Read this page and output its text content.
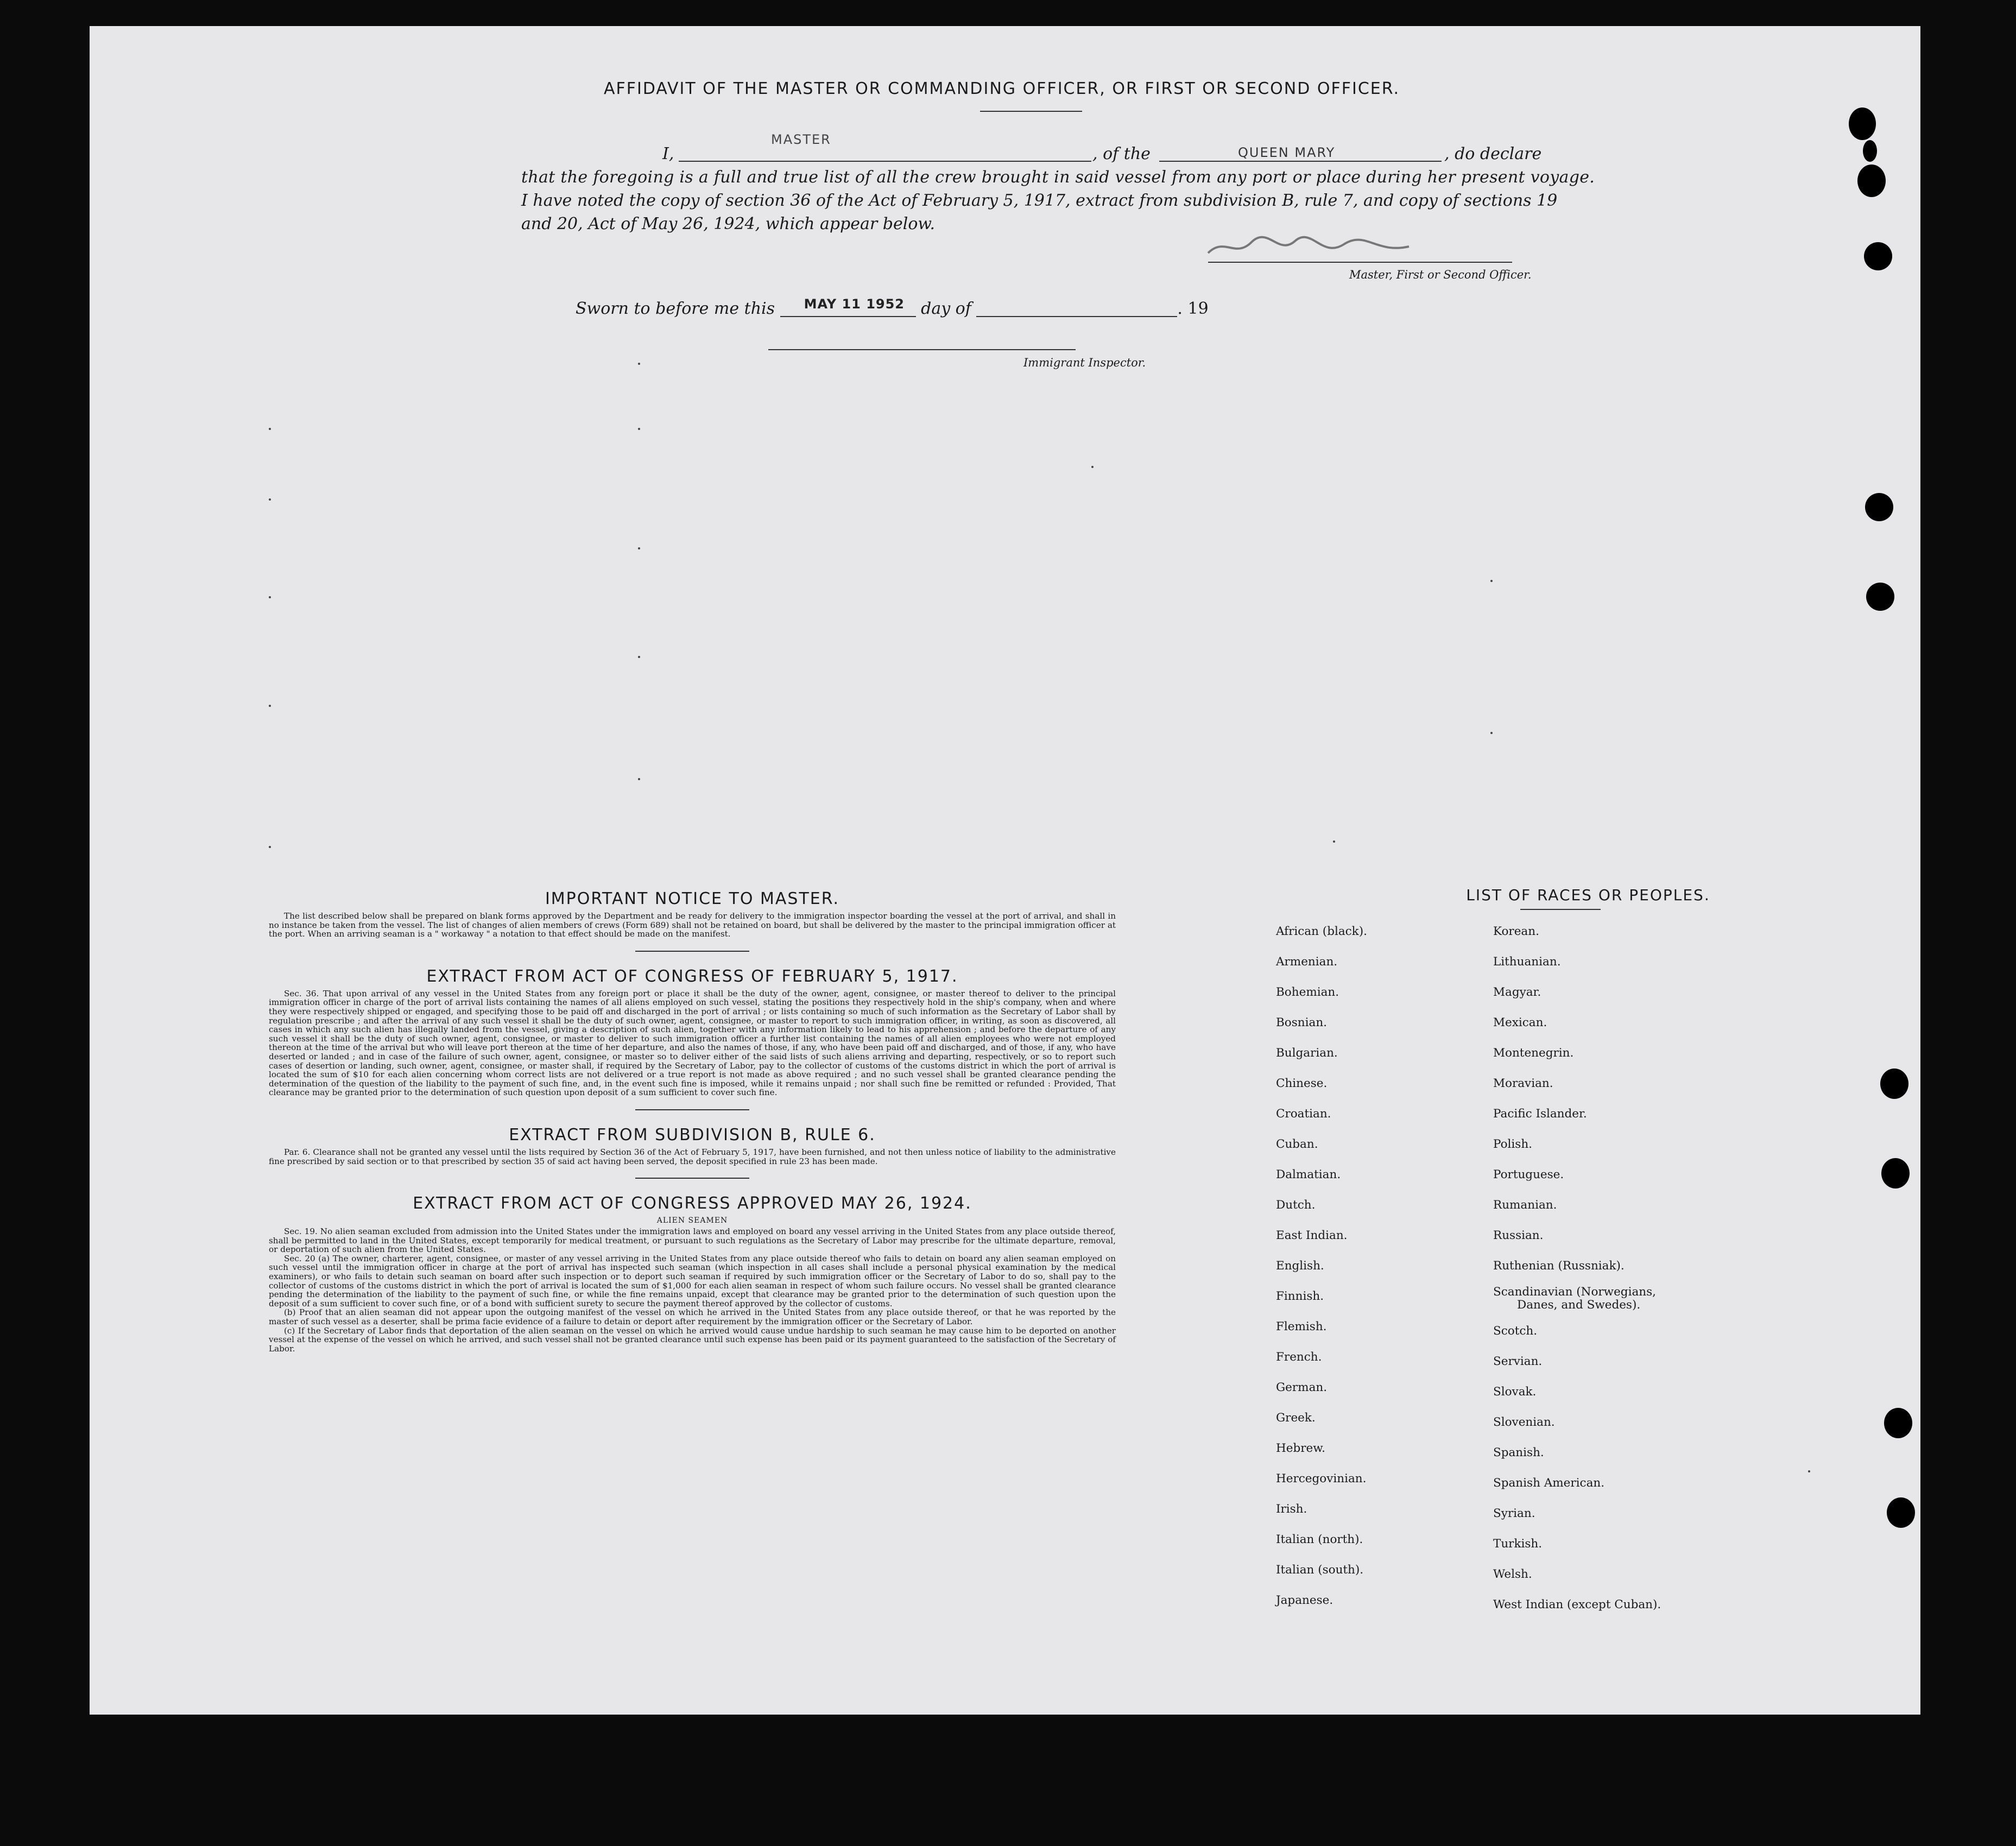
AFFIDAVIT OF THE MASTER OR COMMANDING OFFICER, OR FIRST OR SECOND OFFICER.
I,
MASTER
, of the	QUEEN MARY	, do declare
that the foregoing is a full and true list of all the crew brought in said vessel from any port or place during her present voyage.
I have noted the copy of section 36 of the Act of February 5, 1917, extract from subdivision B, rule 7, and copy of sections 19
and 20, Act of May 26, 1924, which appear below.
Master, First or Second Officer.
Sworn to before me this MAY 11 1952 day of	. 19
Immigrant Inspector.
IMPORTANT NOTICE TO MASTER.

The list described below shall be prepared on blank forms approved by the Department and be ready for delivery to the immigration inspector boarding the vessel at the port of arrival, and shall in no instance be taken from the vessel. The list of changes of alien members of crews (Form 689) shall not be retained on board, but shall be delivered by the master to the principal immigration officer at the port. When an arriving seaman is a " workaway " a notation to that effect should be made on the manifest.

EXTRACT FROM ACT OF CONGRESS OF FEBRUARY 5, 1917.

Sec. 36. That upon arrival of any vessel in the United States from any foreign port or place it shall be the duty of the owner, agent, consignee, or master thereof to deliver to the principal immigration officer in charge of the port of arrival lists containing the names of all aliens employed on such vessel, stating the positions they respectively hold in the ship's company, when and where they were respectively shipped or engaged, and specifying those to be paid off and discharged in the port of arrival ; or lists containing so much of such information as the Secretary of Labor shall by regulation prescribe ; and after the arrival of any such vessel it shall be the duty of such owner, agent, consignee, or master to report to such immigration officer, in writing, as soon as discovered, all cases in which any such alien has illegally landed from the vessel, giving a description of such alien, together with any information likely to lead to his apprehension ; and before the departure of any such vessel it shall be the duty of such owner, agent, consignee, or master to deliver to such immigration officer a further list containing the names of all alien employees who were not employed thereon at the time of the arrival but who will leave port thereon at the time of her departure, and also the names of those, if any, who have been paid off and discharged, and of those, if any, who have deserted or landed ; and in case of the failure of such owner, agent, consignee, or master so to deliver either of the said lists of such aliens arriving and departing, respectively, or so to report such cases of desertion or landing, such owner, agent, consignee, or master shall, if required by the Secretary of Labor, pay to the collector of customs of the customs district in which the port of arrival is located the sum of $10 for each alien concerning whom correct lists are not delivered or a true report is not made as above required ; and no such vessel shall be granted clearance pending the determination of the question of the liability to the payment of such fine, and, in the event such fine is imposed, while it remains unpaid ; nor shall such fine be remitted or refunded : Provided, That clearance may be granted prior to the determination of such question upon deposit of a sum sufficient to cover such fine.

EXTRACT FROM SUBDIVISION B, RULE 6.

Par. 6. Clearance shall not be granted any vessel until the lists required by Section 36 of the Act of February 5, 1917, have been furnished, and not then unless notice of liability to the administrative fine prescribed by said section or to that prescribed by section 35 of said act having been served, the deposit specified in rule 23 has been made.

EXTRACT FROM ACT OF CONGRESS APPROVED MAY 26, 1924.
ALIEN SEAMEN

Sec. 19. No alien seaman excluded from admission into the United States under the immigration laws and employed on board any vessel arriving in the United States from any place outside thereof, shall be permitted to land in the United States, except temporarily for medical treatment, or pursuant to such regulations as the Secretary of Labor may prescribe for the ultimate departure, removal, or deportation of such alien from the United States.

Sec. 20 (a) The owner, charterer, agent, consignee, or master of any vessel arriving in the United States from any place outside thereof who fails to detain on board any alien seaman employed on such vessel until the immigration officer in charge at the port of arrival has inspected such seaman (which inspection in all cases shall include a personal physical examination by the medical examiners), or who fails to detain such seaman on board after such inspection or to deport such seaman if required by such immigration officer or the Secretary of Labor to do so, shall pay to the collector of customs of the customs district in which the port of arrival is located the sum of $1,000 for each alien seaman in respect of whom such failure occurs. No vessel shall be granted clearance pending the determination of the liability to the payment of such fine, or while the fine remains unpaid, except that clearance may be granted prior to the determination of such question upon the deposit of a sum sufficient to cover such fine, or of a bond with sufficient surety to secure the payment thereof approved by the collector of customs.

(b) Proof that an alien seaman did not appear upon the outgoing manifest of the vessel on which he arrived in the United States from any place outside thereof, or that he was reported by the master of such vessel as a deserter, shall be prima facie evidence of a failure to detain or deport after requirement by the immigration officer or the Secretary of Labor.

(c) If the Secretary of Labor finds that deportation of the alien seaman on the vessel on which he arrived would cause undue hardship to such seaman he may cause him to be deported on another vessel at the expense of the vessel on which he arrived, and such vessel shall not be granted clearance until such expense has been paid or its payment guaranteed to the satisfaction of the Secretary of Labor.

LIST OF RACES OR PEOPLES.
African (black).
Armenian.
Bohemian.
Bosnian.
Bulgarian.
Chinese.
Croatian.
Cuban.
Dalmatian.
Dutch.
East Indian.
English.
Finnish.
Flemish.
French.
German.
Greek.
Hebrew.
Hercegovinian.
Irish.
Italian (north).
Italian (south).
Japanese.
Korean.
Lithuanian.
Magyar.
Mexican.
Montenegrin.
Moravian.
Pacific Islander.
Polish.
Portuguese.
Rumanian.
Russian.
Ruthenian (Russniak).
Scandinavian (Norwegians,
Danes, and Swedes).
Scotch.
Servian.
Slovak.
Slovenian.
Spanish.
Spanish American.
Syrian.
Turkish.
Welsh.
West Indian (except Cuban).
